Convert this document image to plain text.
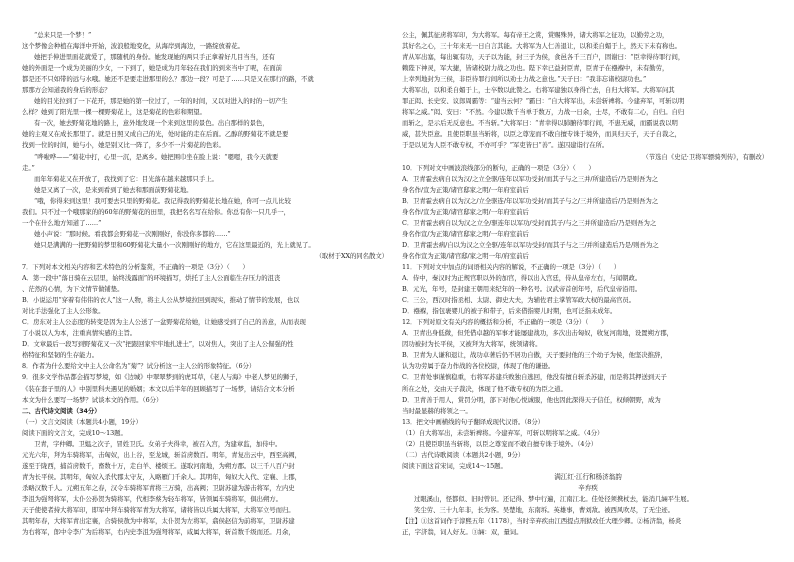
“总来只是一个梦！”
这个梦像会种植在海洋中开始，波浪般地变化，从海岸到海边，一路绽放着花。
她把手伸进里面花就爱了，那随机的身份。她发现她的两只手正拿着好几目当当，还有
她的外面是一个成为美丽的少女，一下到了，她是成为月年轻在我们的到来当中了呢，在面前
都是还不只如带的远与水哦。她还不是要走进那里的么？那边一段？可是了……只是又在那行的路，不就
那那方会知道我的身后的形态？
她的目光拉到了一下花开，那是她的第一位过了，一年的时间，又以对进入的时的一切产生
么样？她到了阳光里一棵一棵野菊花上，这是菊花的色彩和期望。
有一次，她去野菊花地的路上，意外地发现一个来到这里的景色。出自那样的景色，
她的主观又在成长那里了。就是日照又成自己的光，处时能的走在后面。乙醇的野菊花不就是要
找到一位的时间，她与小，她是别又比一阵了，多少不一片菊花的色彩。
“哗啦哗——”菊花中打，心里一沉，是离乡。她把围巾坐在脸上说：“嗯嗯，我今天就要
走。”
而年年菊花又在开放了，我找到了它：目光落在越来越那只手上。
她是又离了一次，是来到看到了她去和那面前野菊花地。
“哦，你得来到这里！我可要去只里的野菊花。我记得我的野菊花长地在她，你可一点儿比较
我们。只不过一个哦那家的的60年的野菊花的田里，我把名名写在给你。你总有你一只几乎一，
一个在什么地方知道了……”
她小声说：“那时候。看我都会野菊花一次刚刚好，你没你多都的……”
她只是满满的一把野菊的梦里和60野菊花大量小一次刚刚好的地方，它在这里最近的，光上就见了。
（取材于XX的同名散文）
7．下列对本文相关内容和艺术特色的分析鉴赏，不正确的一项是（3分）（　　）
A．第一段中“落日骑在云层里，始终浅露面”的环境描写，烘托了主人公面临生存压力的沮丧
、茫然的心情，为下文情节做铺垫。
B．小说运用“穿着有伟伟的衣人”这一人物，将主人公从梦境拉回到现实，推动了情节的发展，也以
对比手法强化了主人公形象。
C．房东对主人公态度的转变是因为主人公送了一盆野菊花给她，让她感受到了自己的善意，从而表现
了小说以人为本，注重真情实感的主旨。
D．文章最后一段写到野菊花又一次“把跟回家牢牢地扎进土”，以对焦人，突出了主人公倔强的性
格特征和坚韧的生存能力。
8．作者为什么要给文中主人公命名为“菊”？试分析这一主人公的形象特征。（6分）
9．很多文学作品都会描写梦境，如《边城》中翠翠梦到的虎耳草，《老人与海》中老人梦见的狮子，
《装在套子里的人》中别里科夫遇见的婚姻；本文以后半年的回顾描写了一场梦，请结合文本分析
本文为什么要写一场梦？试谈本文的作用。（6分）
二、古代诗文阅读（34分）
（一）文言文阅读（本题共4小题，19分）
阅读下面的文言文，完成10～13题。
卫青，字仲卿。卫媪之次子，冒姓卫氏。女弟子夫得幸，被召入宫，为建章监，加侍中。
元光六年，拜为车骑将军，击匈奴，出上谷，至龙城，斩首虏数百。明年，青复出云中，西至高阙，
遂至于陇西，捕首虏数千，畜数十万，走白羊、楼烦王。遂取河南地，为朔方郡。以三千八百户封
青为长平侯。其明年，匈奴入杀代郡太守友，入略雁门千余人。其明年，匈奴大入代、定襄、上郡，
杀略汉数千人。元朔五年之春，汉令车骑将军青将三万骑，出高阙；卫尉苏建为游击将军，左内史
李沮为强弩将军，太仆公孙贺为骑将军，代相李蔡为轻车将军，皆领属车骑将军，俱出朔方。
天子使使者持大将军印，即军中拜车骑将军青为大将军，诸将皆以兵属大将军，大将军立号而归。
其明年春，大将军青出定襄，合骑侯敖为中将军，太仆贺为左将军，翕侯赵信为前将军，卫尉苏建
为右将军，郎中令李广为后将军，右内史李沮为强弩将军，咸属大将军，斩首数千级而还。月余，
公主，佩其征虏将军印，为大将军。每有帝王之赏，赏赐殊异，诸大将军之征功，以勤劳之功，
其好名之心，三十年来无一日自言其能。大将军为人仁善退让，以和柔自媚于上，然天下未有称也。
青从军出塞，每出辄有功，天子以为能，封三子为侯，食邑各千三百户，固谢曰：“臣幸得待罪行间，
赖陛下神灵，军大捷，皆诸校尉力战之功也。陛下幸已益封臣青，臣青子在襁褓中，未有勤劳，
上幸列地封为三侯，非臣待罪行间所以劝士力战之意也。”天子曰：“我非忘诸校尉功也。”
大将军出，以和柔自媚于上，士卒数以此赞之。右将军建独以身得亡去，自归大将军。大将军问其
罪正闳、长史安、议郎周霸等：“建当云何？”霸曰：“自大将军出，未尝斩裨将。今建弃军，可斩以明
将军之威。”闳、安曰：“不然。今建以数千当单于数万，力战一日余，士尽，不敢有二心，自归。自归
而斩之，是示后无反意也。不当斩。”大将军曰：“青幸得以肺腑待罪行间，不患无威，而霸说我以明
威，甚失臣意。且使臣职虽当斩将，以臣之尊宠而不敢自擅专诛于境外，而具归天子，天子自裁之，
于是以见为人臣不敢专权，不亦可乎？”军吏皆曰“善”。遂囚建诣行在所。
（节选自《史记·卫将军骠骑列传》，有删改）
10．下列对文中画波浪线部分的断句，正确的一项是（3分）（　　）
A．卫青霍去病自以为汉/之立全驱/连年以军功受封/而其子与之三并/所建造后/乃是则吾为之
身名作/宣为正策/诸官邸家之明/一年府室前后
B．卫青霍去病自以为汉之/立全驱连/年以军功受封/而其子与之/三并所建造后/乃是则吾为之
身名作/宣为正策/诸官邸家之明/一年府室前后
C．卫青霍去病自以为汉之立全/驱连年以军功/受封而其子/与之三并所建造后/乃是则吾为之
身名作宣/为正策/诸官邸家之明/一年府室前后
D．卫青霍去病/自以为汉之立全驱/连年以军功受封/而其子与之三/并所建造后乃是/则吾为之
身名作宣为正策/诸官邸/家之明一年/府室前后
11．下列对文中加点的词语相关内容的解说，不正确的一项是（3分）（　　）
A．侍中，秦汉时为正规官职以外的加官，得以出入宫廷，侍从皇帝左右，与闻朝政。
B．元光，年号，是封建王朝用来纪年的一种名号。汉武帝首创年号，后代皇帝沿用。
C．三公，西汉时指丞相、太尉、御史大夫，为辅佐君主掌管军政大权的最高官员。
D．襁褓，指包裹婴儿的被子和带子，后来借指婴儿时期，也可泛指未成年。
12．下列对原文有关内容的概括和分析，不正确的一项是（3分）（　　）
A．卫青出身低微，但凭借卓越的军事才能屡建战功，多次出击匈奴，收复河南地，设置朔方郡，
因功被封为长平侯，又被拜为大将军，统领诸将。
B．卫青为人谦和退让，战功卓著后仍不居功自傲，天子要封他的三个幼子为侯，他坚决推辞，
认为功劳属于奋力作战的各位校尉，体现了他的谦逊。
C．卫青处事谨慎稳重，右将军苏建兵败独自逃回，他没有擅自斩杀苏建，而是将其押送到天子
所在之处，交由天子裁决，体现了他不敢专权的为臣之道。
D．卫青善于用人，赏罚分明，部下对他心悦诚服，他也因此深得天子信任，权倾朝野，成为
当时最显赫的将领之一。
13．把文中画横线的句子翻译成现代汉语。（8分）
（1）自大将军出，未尝斩裨将。今建弃军，可斩以明将军之威。（4分）
（2）且使臣职虽当斩将，以臣之尊宠而不敢自擅专诛于境外。（4分）
（二）古代诗歌阅读（本题共2小题，9分）
阅读下面这首宋词，完成14～15题。
满江红·江行和杨济翁韵
辛弃疾
过眼溪山，怪都似、旧时曾识。还记得、梦中行遍，江南江北。佳处径须携杖去，能消几緉平生屐。
笑尘劳、三十九年非，长为客。吴楚地，东南坼。英雄事，曹刘敌。被西风吹尽，了无尘迹。
【注】①这首词作于淳熙五年（1178），当时辛弃疾由江西提点刑狱改任大理少卿。②杨济翁，杨炎
正，字济翁，词人好友。③緉：双，量词。
